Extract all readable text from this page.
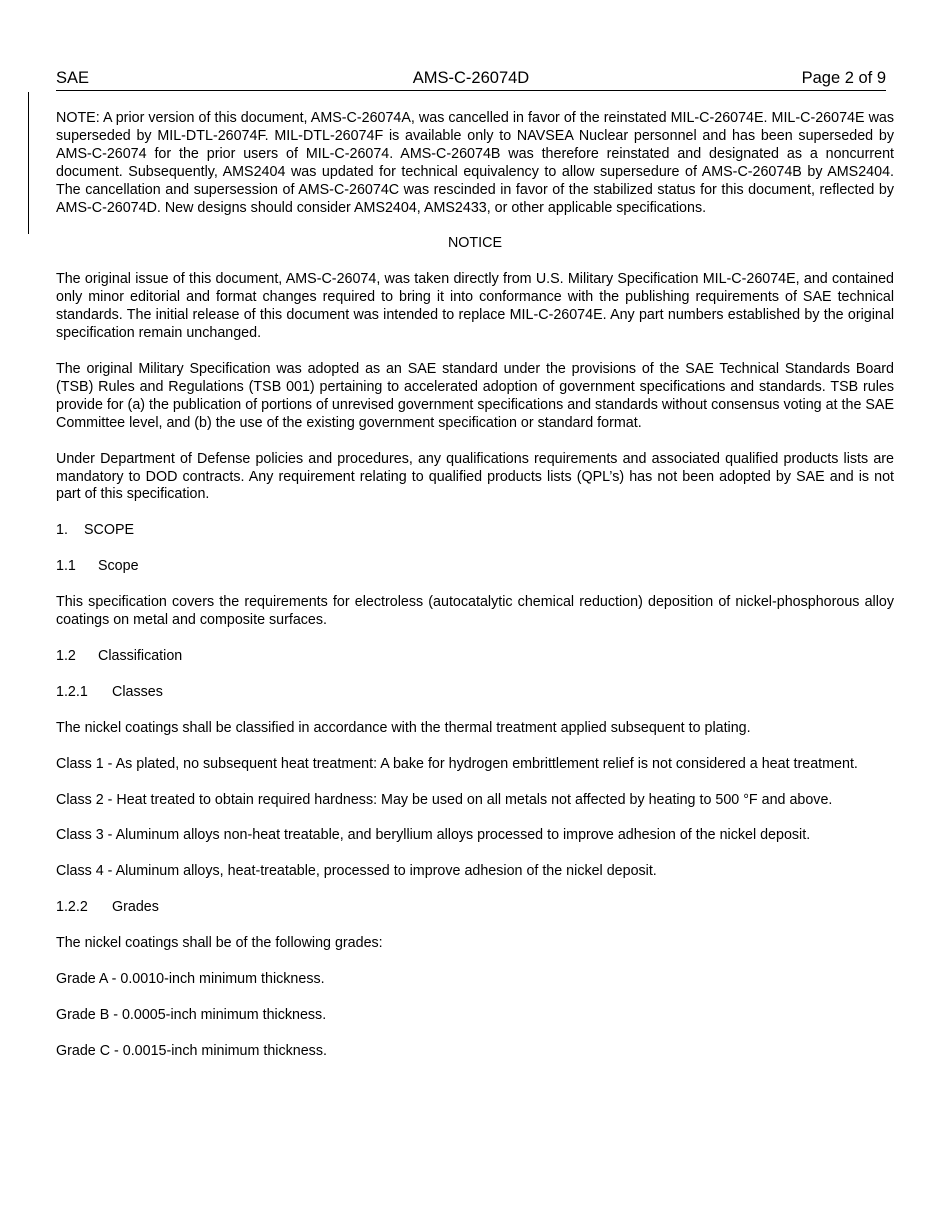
SAE	AMS-C-26074D	Page 2 of 9

NOTE: A prior version of this document, AMS-C-26074A, was cancelled in favor of the reinstated MIL-C-26074E. MIL-C-26074E was superseded by MIL-DTL-26074F. MIL-DTL-26074F is available only to NAVSEA Nuclear personnel and has been superseded by AMS-C-26074 for the prior users of MIL-C-26074. AMS-C-26074B was therefore reinstated and designated as a noncurrent document. Subsequently, AMS2404 was updated for technical equivalency to allow supersedure of AMS-C-26074B by AMS2404. The cancellation and supersession of AMS-C-26074C was rescinded in favor of the stabilized status for this document, reflected by AMS-C-26074D. New designs should consider AMS2404, AMS2433, or other applicable specifications.

NOTICE

The original issue of this document, AMS-C-26074, was taken directly from U.S. Military Specification MIL-C-26074E, and contained only minor editorial and format changes required to bring it into conformance with the publishing requirements of SAE technical standards. The initial release of this document was intended to replace MIL-C-26074E. Any part numbers established by the original specification remain unchanged.

The original Military Specification was adopted as an SAE standard under the provisions of the SAE Technical Standards Board (TSB) Rules and Regulations (TSB 001) pertaining to accelerated adoption of government specifications and standards. TSB rules provide for (a) the publication of portions of unrevised government specifications and standards without consensus voting at the SAE Committee level, and (b) the use of the existing government specification or standard format.

Under Department of Defense policies and procedures, any qualifications requirements and associated qualified products lists are mandatory to DOD contracts. Any requirement relating to qualified products lists (QPL’s) has not been adopted by SAE and is not part of this specification.

1. SCOPE

1.1 Scope

This specification covers the requirements for electroless (autocatalytic chemical reduction) deposition of nickel-phosphorous alloy coatings on metal and composite surfaces.

1.2 Classification

1.2.1 Classes

The nickel coatings shall be classified in accordance with the thermal treatment applied subsequent to plating.

Class 1 - As plated, no subsequent heat treatment: A bake for hydrogen embrittlement relief is not considered a heat treatment.

Class 2 - Heat treated to obtain required hardness: May be used on all metals not affected by heating to 500 °F and above.

Class 3 - Aluminum alloys non-heat treatable, and beryllium alloys processed to improve adhesion of the nickel deposit.

Class 4 - Aluminum alloys, heat-treatable, processed to improve adhesion of the nickel deposit.

1.2.2 Grades

The nickel coatings shall be of the following grades:

Grade A - 0.0010-inch minimum thickness.

Grade B - 0.0005-inch minimum thickness.

Grade C - 0.0015-inch minimum thickness.
